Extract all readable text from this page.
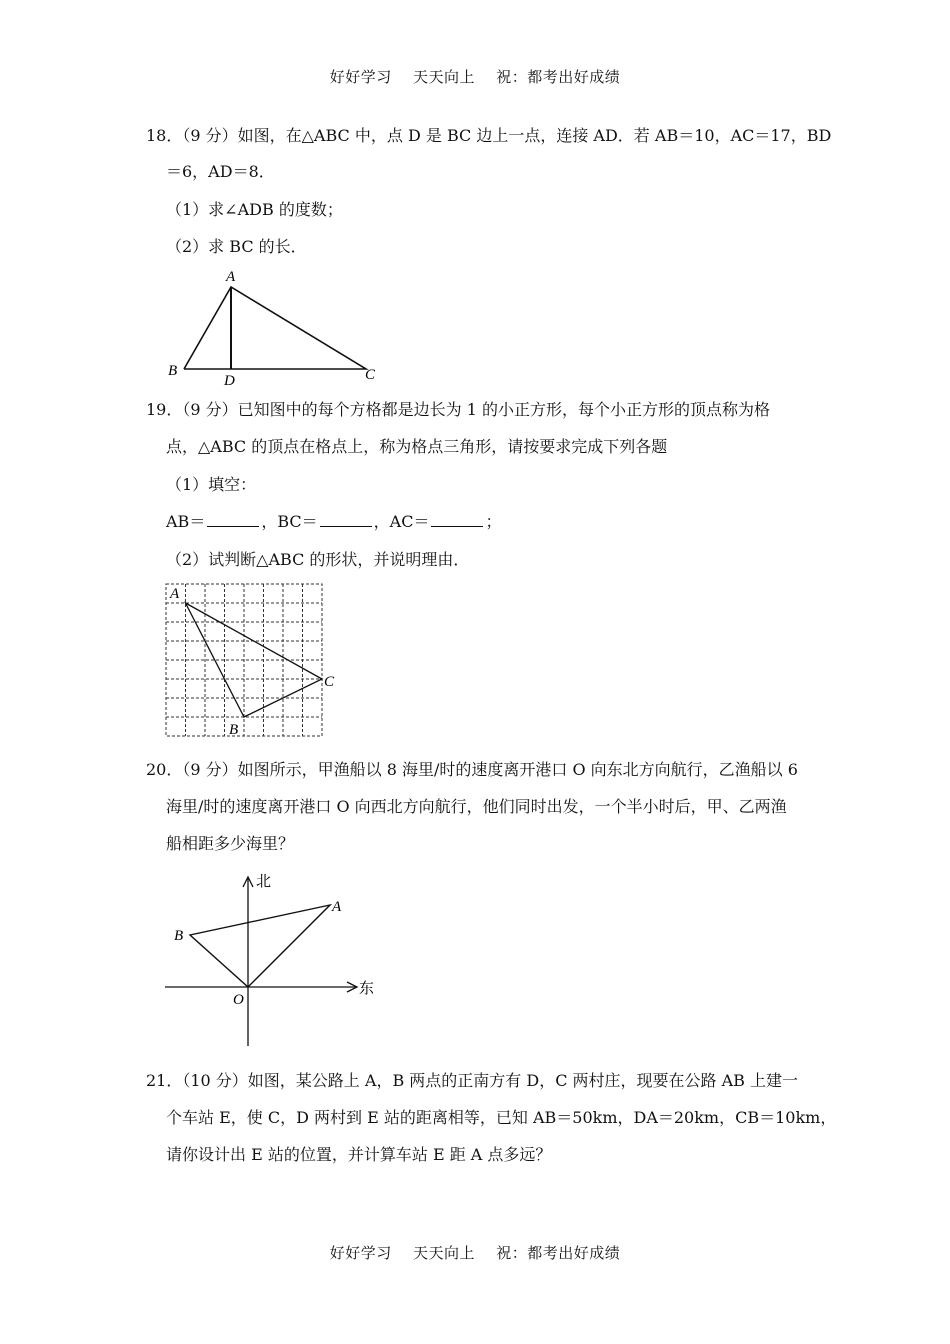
好好学习 天天向上 祝：都考出好成绩
18．（9 分）如图，在△ABC 中，点 D 是 BC 边上一点，连接 AD．若 AB＝10，AC＝17，BD
＝6，AD＝8．
（1）求∠ADB 的度数；
（2）求 BC 的长．
A
B	C
D
19．（9 分）已知图中的每个方格都是边长为 1 的小正方形，每个小正方形的顶点称为格
点，△ABC 的顶点在格点上，称为格点三角形，请按要求完成下列各题
（1）填空：
AB＝	，BC＝	，AC＝	；
（2）试判断△ABC 的形状，并说明理由．
A
B
C
20．（9 分）如图所示，甲渔船以 8 海里/时的速度离开港口 O 向东北方向航行，乙渔船以 6
海里/时的速度离开港口 O 向西北方向航行，他们同时出发，一个半小时后，甲、乙两渔
船相距多少海里？
北
东
A
B
O
21．（10 分）如图，某公路上 A，B 两点的正南方有 D，C 两村庄，现要在公路 AB 上建一
个车站 E，使 C，D 两村到 E 站的距离相等，已知 AB＝50km，DA＝20km，CB＝10km，
请你设计出 E 站的位置，并计算车站 E 距 A 点多远？
好好学习 天天向上 祝：都考出好成绩
